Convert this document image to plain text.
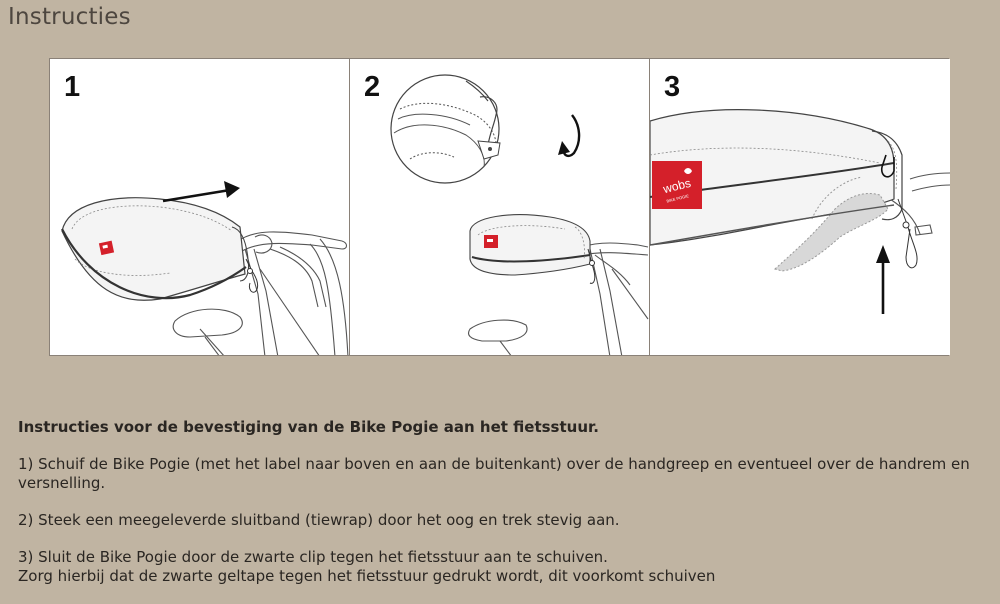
Instructies
1	2
wobs
BIKE POGIE
3

Instructies voor de bevestiging van de Bike Pogie aan het fietsstuur.

1) Schuif de Bike Pogie (met het label naar boven en aan de buitenkant) over de handgreep en eventueel over de handrem en versnelling.

2) Steek een meegeleverde sluitband (tiewrap) door het oog en trek stevig aan.

3) Sluit de Bike Pogie door de zwarte clip tegen het fietsstuur aan te schuiven.
Zorg hierbij dat de zwarte geltape tegen het fietsstuur gedrukt wordt, dit voorkomt schuiven
